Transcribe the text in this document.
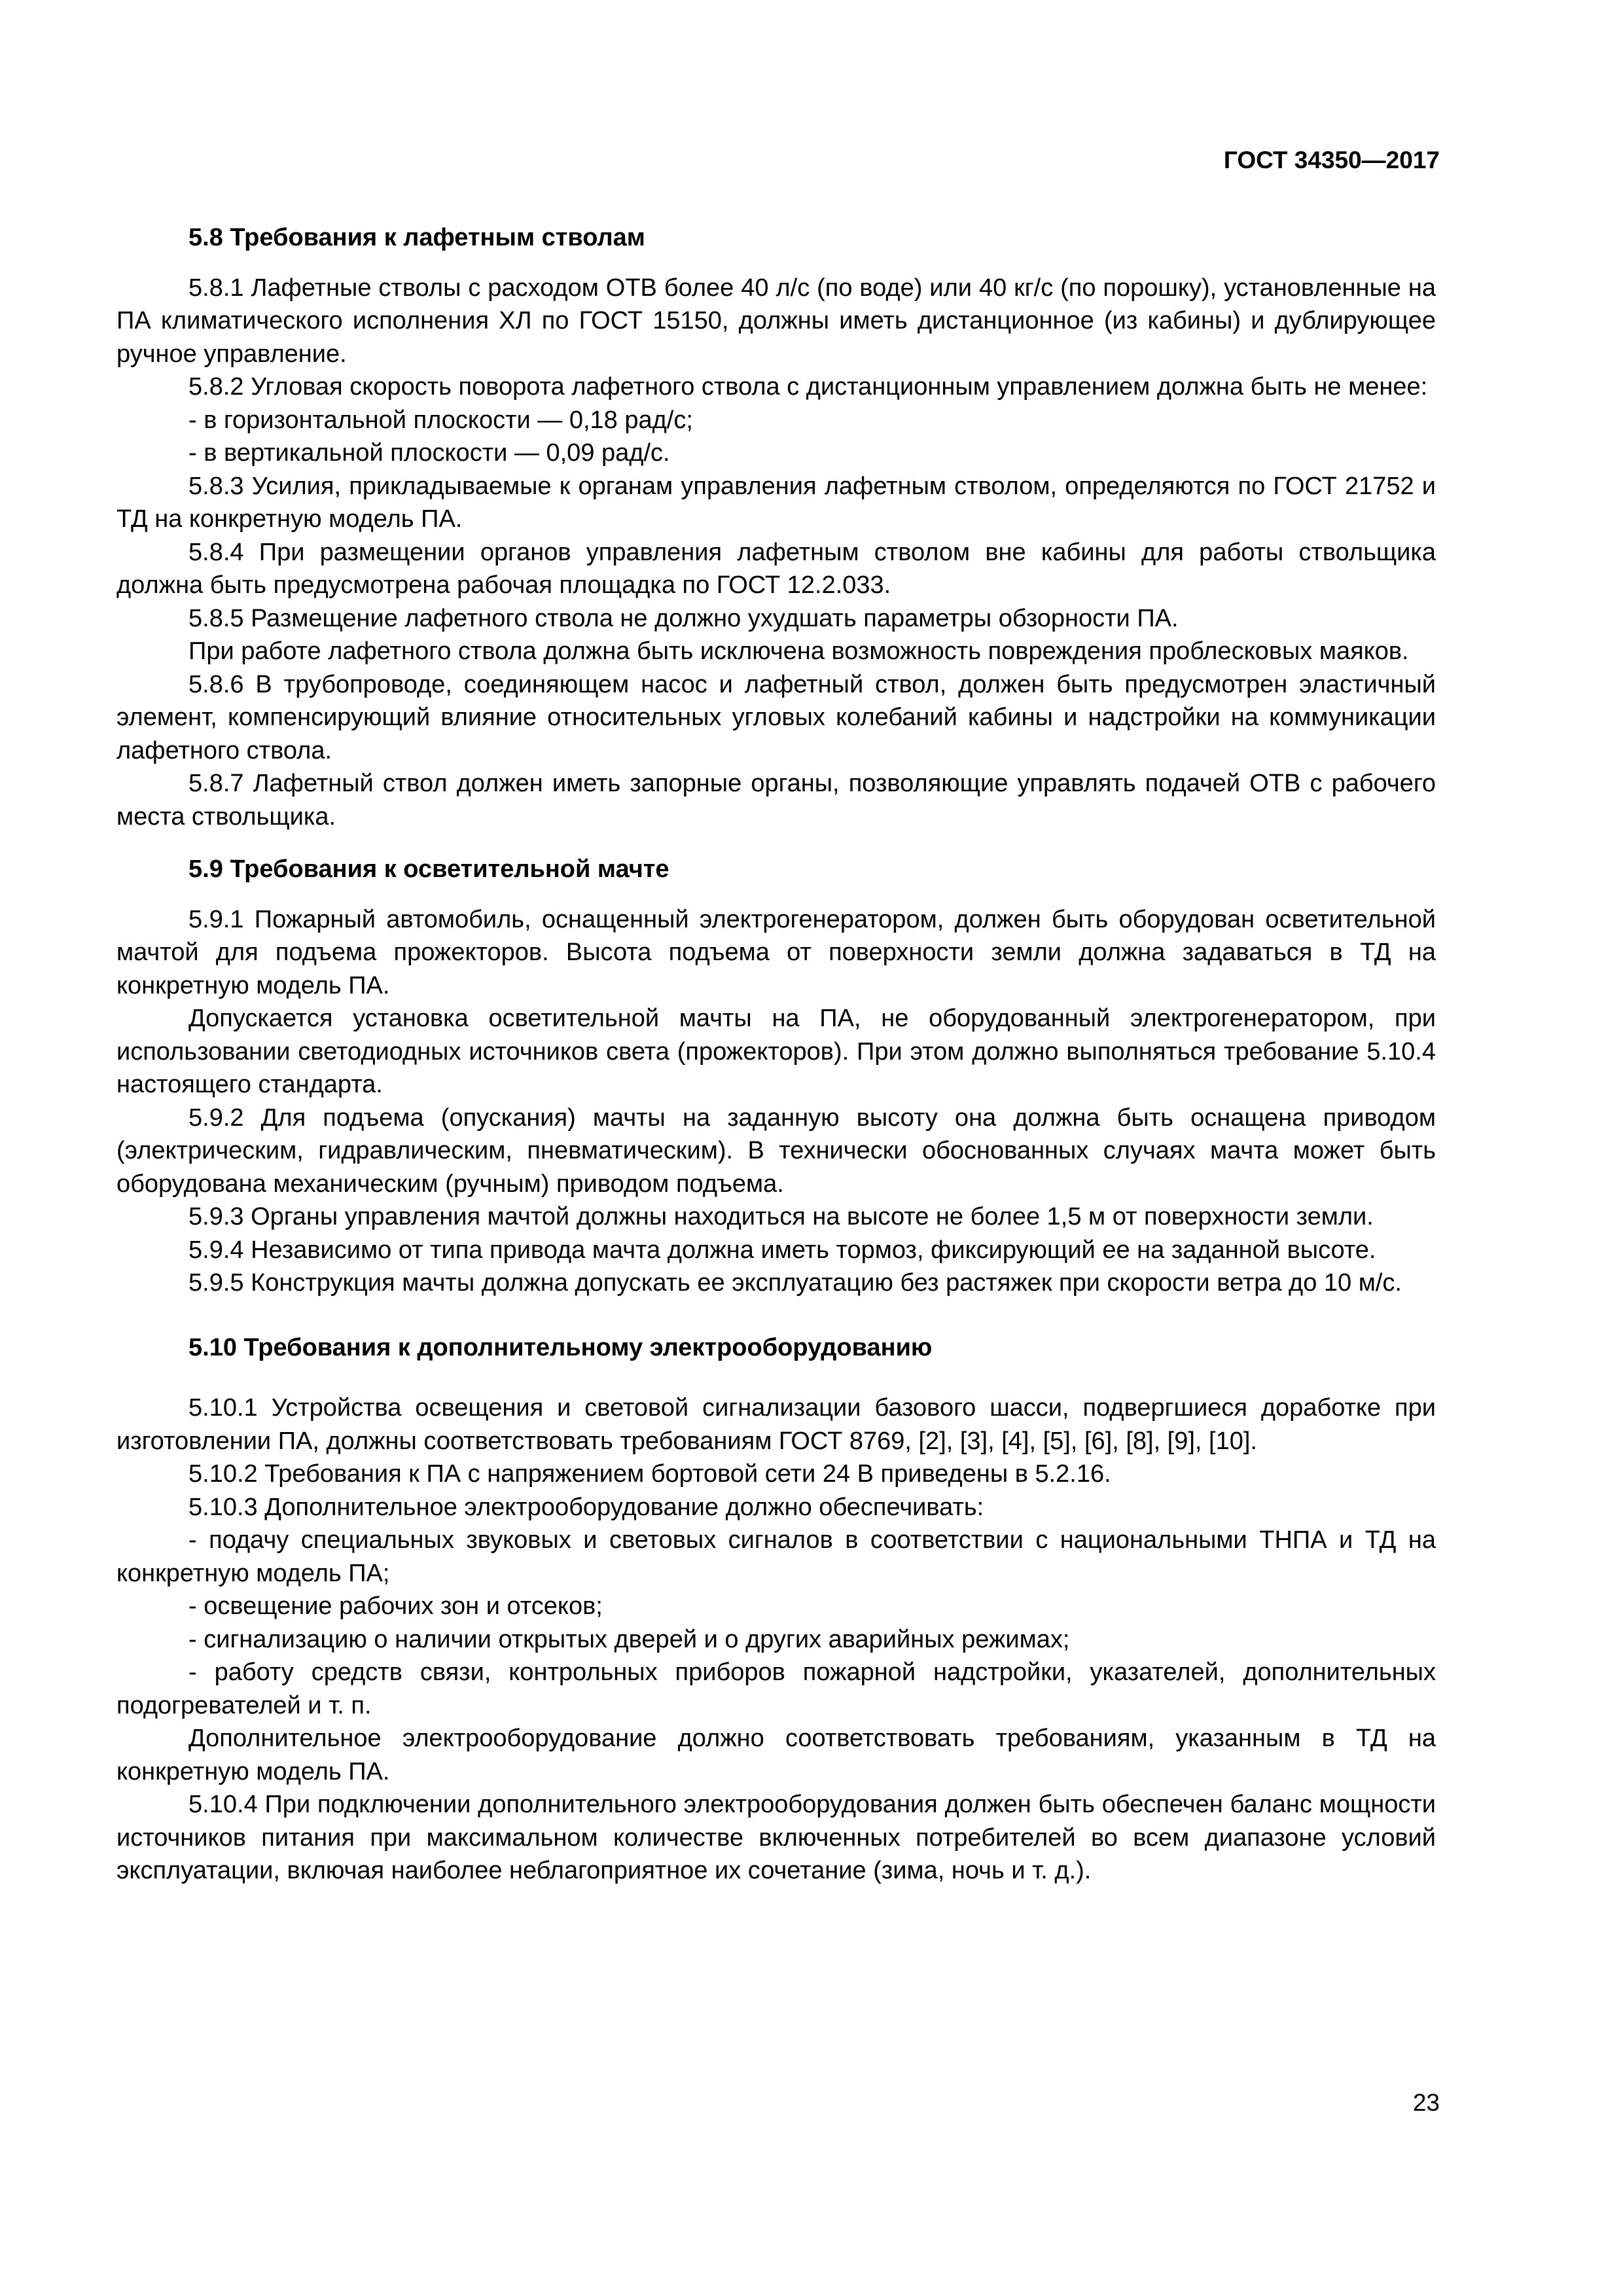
ГОСТ 34350—2017

5.8 Требования к лафетным стволам

5.8.1 Лафетные стволы с расходом ОТВ более 40 л/с (по воде) или 40 кг/с (по порошку), установленные на ПА климатического исполнения ХЛ по ГОСТ 15150, должны иметь дистанционное (из кабины) и дублирующее ручное управление.

5.8.2 Угловая скорость поворота лафетного ствола с дистанционным управлением должна быть не менее:

- в горизонтальной плоскости — 0,18 рад/с;

- в вертикальной плоскости — 0,09 рад/с.

5.8.3 Усилия, прикладываемые к органам управления лафетным стволом, определяются по ГОСТ 21752 и ТД на конкретную модель ПА.

5.8.4 При размещении органов управления лафетным стволом вне кабины для работы ствольщика должна быть предусмотрена рабочая площадка по ГОСТ 12.2.033.

5.8.5 Размещение лафетного ствола не должно ухудшать параметры обзорности ПА.

При работе лафетного ствола должна быть исключена возможность повреждения проблесковых маяков.

5.8.6 В трубопроводе, соединяющем насос и лафетный ствол, должен быть предусмотрен эластичный элемент, компенсирующий влияние относительных угловых колебаний кабины и надстройки на коммуникации лафетного ствола.

5.8.7 Лафетный ствол должен иметь запорные органы, позволяющие управлять подачей ОТВ с рабочего места ствольщика.

5.9 Требования к осветительной мачте

5.9.1 Пожарный автомобиль, оснащенный электрогенератором, должен быть оборудован осветительной мачтой для подъема прожекторов. Высота подъема от поверхности земли должна задаваться в ТД на конкретную модель ПА.

Допускается установка осветительной мачты на ПА, не оборудованный электрогенератором, при использовании светодиодных источников света (прожекторов). При этом должно выполняться требование 5.10.4 настоящего стандарта.

5.9.2 Для подъема (опускания) мачты на заданную высоту она должна быть оснащена приводом (электрическим, гидравлическим, пневматическим). В технически обоснованных случаях мачта может быть оборудована механическим (ручным) приводом подъема.

5.9.3 Органы управления мачтой должны находиться на высоте не более 1,5 м от поверхности земли.

5.9.4 Независимо от типа привода мачта должна иметь тормоз, фиксирующий ее на заданной высоте.

5.9.5 Конструкция мачты должна допускать ее эксплуатацию без растяжек при скорости ветра до 10 м/с.

5.10 Требования к дополнительному электрооборудованию

5.10.1 Устройства освещения и световой сигнализации базового шасси, подвергшиеся доработке при изготовлении ПА, должны соответствовать требованиям ГОСТ 8769, [2], [3], [4], [5], [6], [8], [9], [10].

5.10.2 Требования к ПА с напряжением бортовой сети 24 В приведены в 5.2.16.

5.10.3 Дополнительное электрооборудование должно обеспечивать:

- подачу специальных звуковых и световых сигналов в соответствии с национальными ТНПА и ТД на конкретную модель ПА;

- освещение рабочих зон и отсеков;

- сигнализацию о наличии открытых дверей и о других аварийных режимах;

- работу средств связи, контрольных приборов пожарной надстройки, указателей, дополнительных подогревателей и т. п.

Дополнительное электрооборудование должно соответствовать требованиям, указанным в ТД на конкретную модель ПА.

5.10.4 При подключении дополнительного электрооборудования должен быть обеспечен баланс мощности источников питания при максимальном количестве включенных потребителей во всем диапазоне условий эксплуатации, включая наиболее неблагоприятное их сочетание (зима, ночь и т. д.).

23
